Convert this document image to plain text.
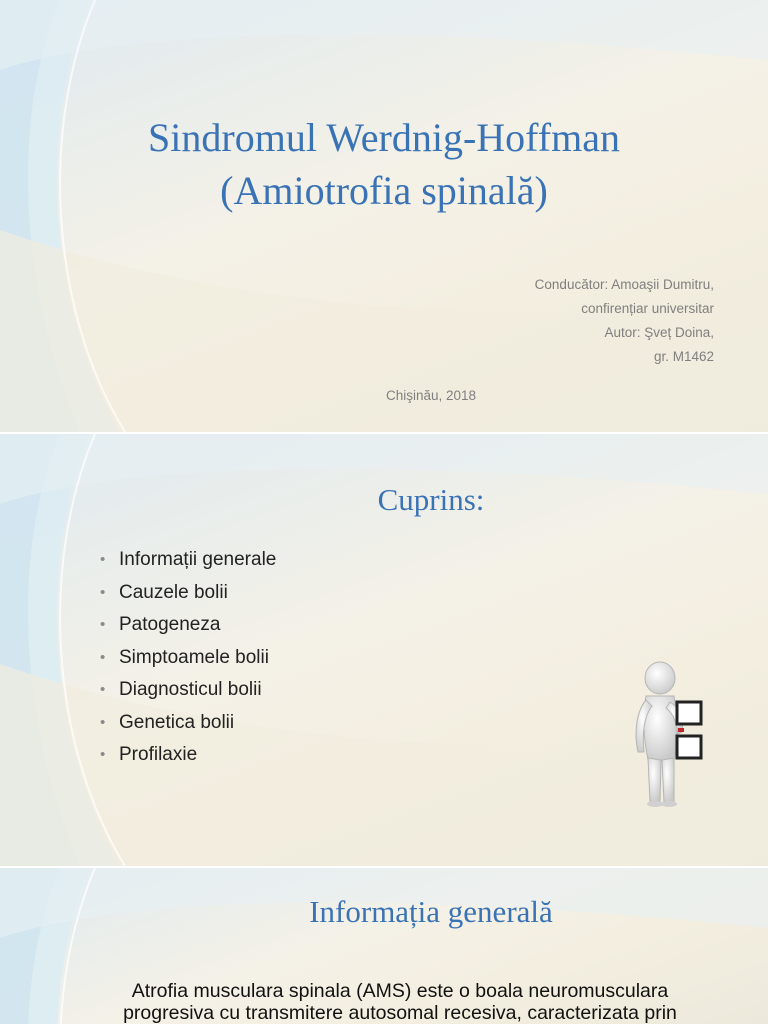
Sindromul Werdnig-Hoffman
(Amiotrofia spinală)
Conducător: Amoaşii Dumitru,
confirențiar universitar
Autor: Şveț Doina,
gr. M1462
Chişinău, 2018
Cuprins:
• Informații generale
• Cauzele bolii
• Patogeneza
• Simptoamele bolii
• Diagnosticul bolii
• Genetica bolii
• Profilaxie
Informația generală
Atrofia musculara spinala (AMS) este o boala neuromusculara
progresiva cu transmitere autosomal recesiva, caracterizata prin
